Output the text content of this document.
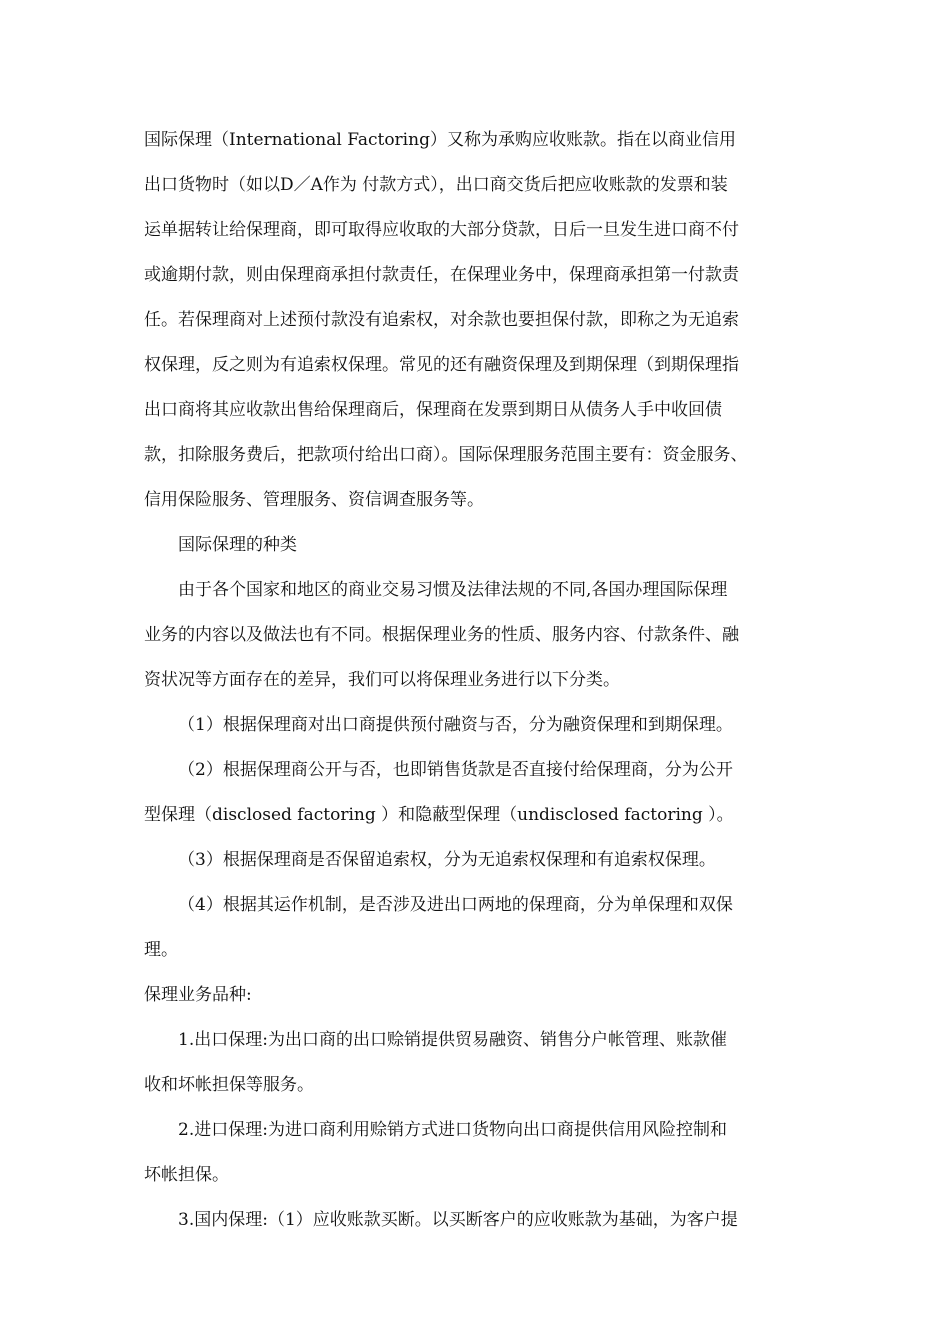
国际保理（International Factoring）又称为承购应收账款。指在以商业信用
出口货物时（如以D／A作为 付款方式），出口商交货后把应收账款的发票和装
运单据转让给保理商，即可取得应收取的大部分贷款，日后一旦发生进口商不付
或逾期付款，则由保理商承担付款责任，在保理业务中，保理商承担第一付款责
任。若保理商对上述预付款没有追索权，对余款也要担保付款，即称之为无追索
权保理，反之则为有追索权保理。常见的还有融资保理及到期保理（到期保理指
出口商将其应收款出售给保理商后，保理商在发票到期日从债务人手中收回债
款，扣除服务费后，把款项付给出口商）。国际保理服务范围主要有：资金服务、
信用保险服务、管理服务、资信调查服务等。
国际保理的种类
由于各个国家和地区的商业交易习惯及法律法规的不同,各国办理国际保理
业务的内容以及做法也有不同。根据保理业务的性质、服务内容、付款条件、融
资状况等方面存在的差异，我们可以将保理业务进行以下分类。
（1）根据保理商对出口商提供预付融资与否，分为融资保理和到期保理。
（2）根据保理商公开与否，也即销售货款是否直接付给保理商，分为公开
型保理（disclosed factoring ）和隐蔽型保理（undisclosed factoring ）。
（3）根据保理商是否保留追索权，分为无追索权保理和有追索权保理。
（4）根据其运作机制，是否涉及进出口两地的保理商，分为单保理和双保
理。
保理业务品种:
1.出口保理:为出口商的出口赊销提供贸易融资、销售分户帐管理、账款催
收和坏帐担保等服务。
2.进口保理:为进口商利用赊销方式进口货物向出口商提供信用风险控制和
坏帐担保。
3.国内保理:（1）应收账款买断。以买断客户的应收账款为基础，为客户提
